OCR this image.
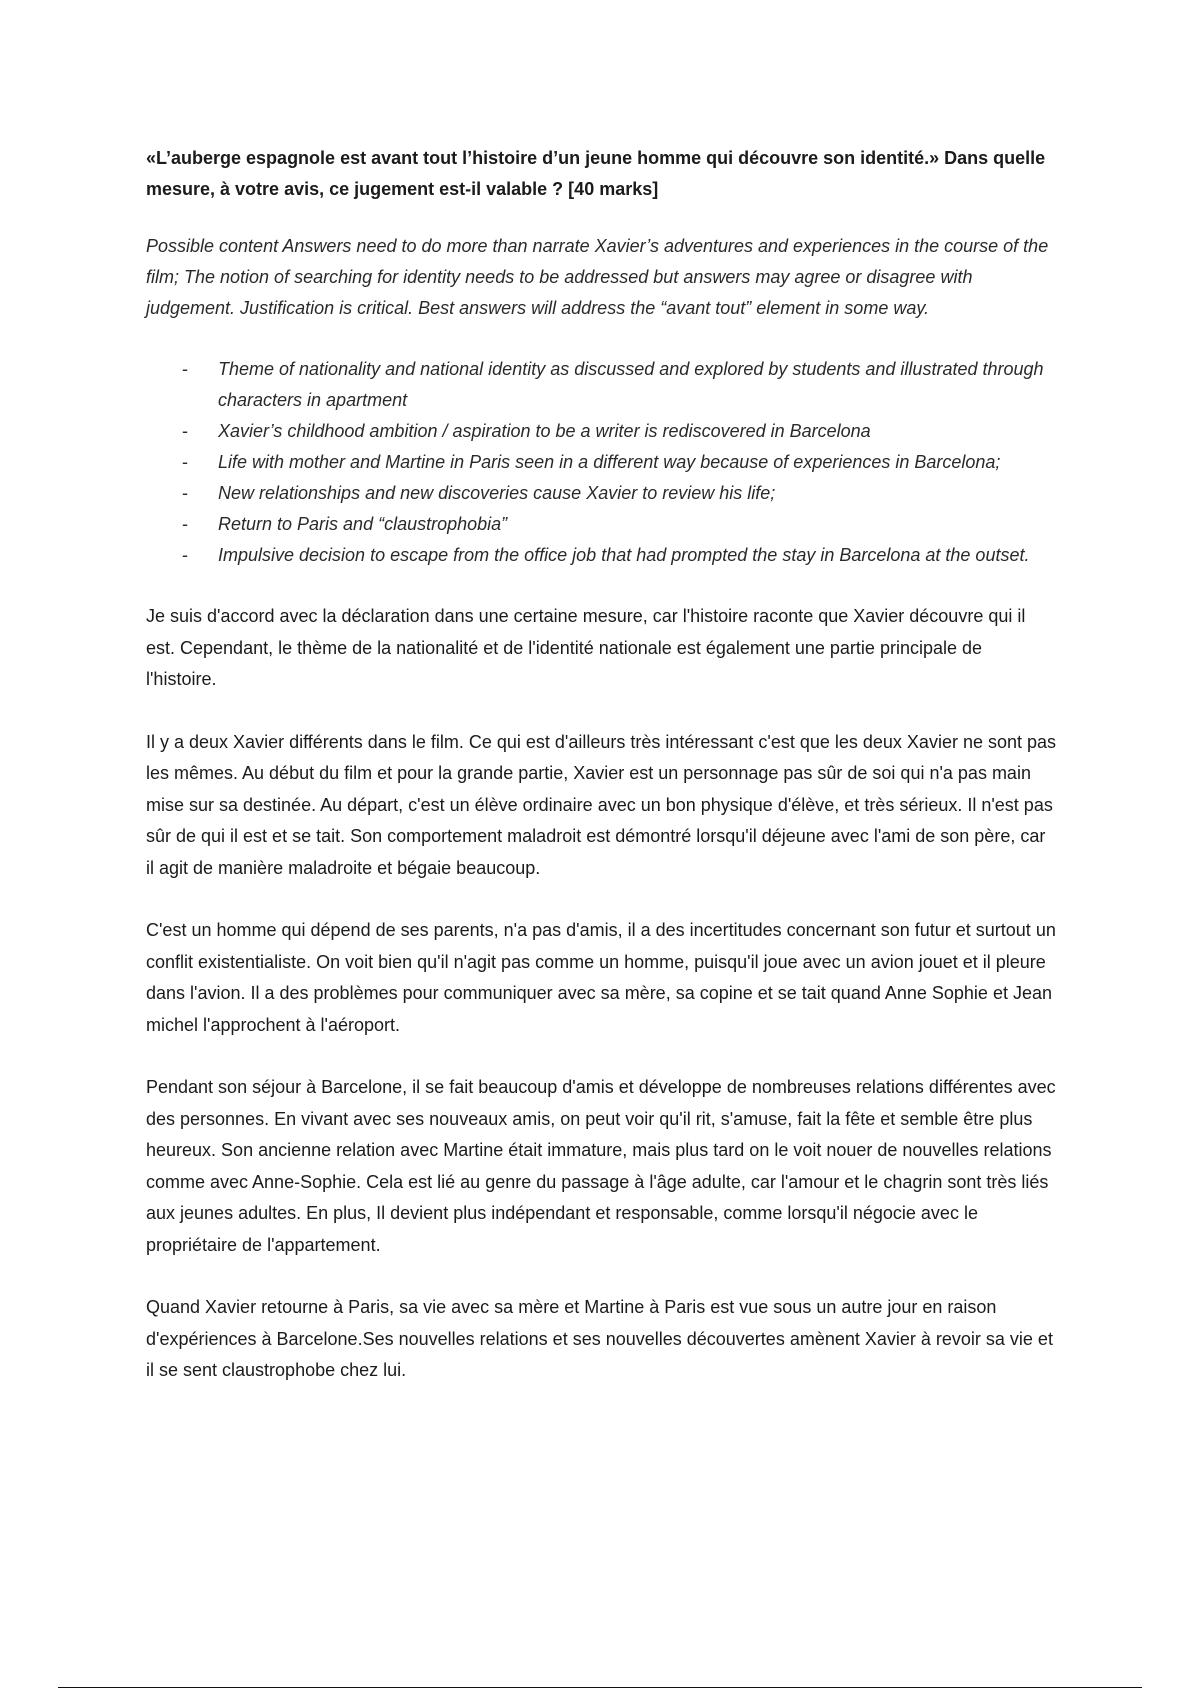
«L’auberge espagnole est avant tout l’histoire d’un jeune homme qui découvre son identité.» Dans quelle mesure, à votre avis, ce jugement est-il valable ? [40 marks]

Possible content Answers need to do more than narrate Xavier’s adventures and experiences in the course of the film; The notion of searching for identity needs to be addressed but answers may agree or disagree with judgement. Justification is critical. Best answers will address the “avant tout” element in some way.

- Theme of nationality and national identity as discussed and explored by students and illustrated through characters in apartment
- Xavier’s childhood ambition / aspiration to be a writer is rediscovered in Barcelona
- Life with mother and Martine in Paris seen in a different way because of experiences in Barcelona;
- New relationships and new discoveries cause Xavier to review his life;
- Return to Paris and “claustrophobia”
- Impulsive decision to escape from the office job that had prompted the stay in Barcelona at the outset.

Je suis d'accord avec la déclaration dans une certaine mesure, car l'histoire raconte que Xavier découvre qui il est. Cependant, le thème de la nationalité et de l'identité nationale est également une partie principale de l'histoire.

Il y a deux Xavier différents dans le film. Ce qui est d'ailleurs très intéressant c'est que les deux Xavier ne sont pas les mêmes. Au début du film et pour la grande partie, Xavier est un personnage pas sûr de soi qui n'a pas main mise sur sa destinée. Au départ, c'est un élève ordinaire avec un bon physique d'élève, et très sérieux. Il n'est pas sûr de qui il est et se tait. Son comportement maladroit est démontré lorsqu'il déjeune avec l'ami de son père, car il agit de manière maladroite et bégaie beaucoup.

C'est un homme qui dépend de ses parents, n'a pas d'amis, il a des incertitudes concernant son futur et surtout un conflit existentialiste. On voit bien qu'il n'agit pas comme un homme, puisqu'il joue avec un avion jouet et il pleure dans l'avion. Il a des problèmes pour communiquer avec sa mère, sa copine et se tait quand Anne Sophie et Jean michel l'approchent à l'aéroport.

Pendant son séjour à Barcelone, il se fait beaucoup d'amis et développe de nombreuses relations différentes avec des personnes. En vivant avec ses nouveaux amis, on peut voir qu'il rit, s'amuse, fait la fête et semble être plus heureux. Son ancienne relation avec Martine était immature, mais plus tard on le voit nouer de nouvelles relations comme avec Anne-Sophie. Cela est lié au genre du passage à l'âge adulte, car l'amour et le chagrin sont très liés aux jeunes adultes. En plus, Il devient plus indépendant et responsable, comme lorsqu'il négocie avec le propriétaire de l'appartement.

Quand Xavier retourne à Paris, sa vie avec sa mère et Martine à Paris est vue sous un autre jour en raison d'expériences à Barcelone.Ses nouvelles relations et ses nouvelles découvertes amènent Xavier à revoir sa vie et il se sent claustrophobe chez lui.
